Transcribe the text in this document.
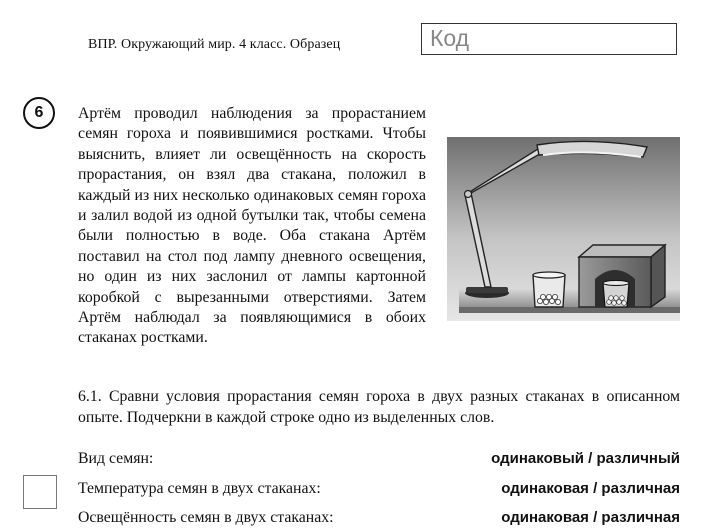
ВПР. Окружающий мир. 4 класс. Образец	Код
6	Артём проводил наблюдения за прорастанием семян гороха и появившимися ростками. Чтобы выяснить, влияет ли освещённость на скорость прорастания, он взял два стакана, положил в каждый из них несколько одинаковых семян гороха и залил водой из одной бутылки так, чтобы семена были полностью в воде. Оба стакана Артём поставил на стол под лампу дневного освещения, но один из них заслонил от лампы картонной коробкой с вырезанными отверстиями. Затем Артём наблюдал за появляющимися в обоих стаканах ростками.
6.1. Сравни условия прорастания семян гороха в двух разных стаканах в описанном опыте. Подчеркни в каждой строке одно из выделенных слов.
Вид семян:	одинаковый / различный
Температура семян в двух стаканах:	одинаковая / различная
Освещённость семян в двух стаканах:	одинаковая / различная
